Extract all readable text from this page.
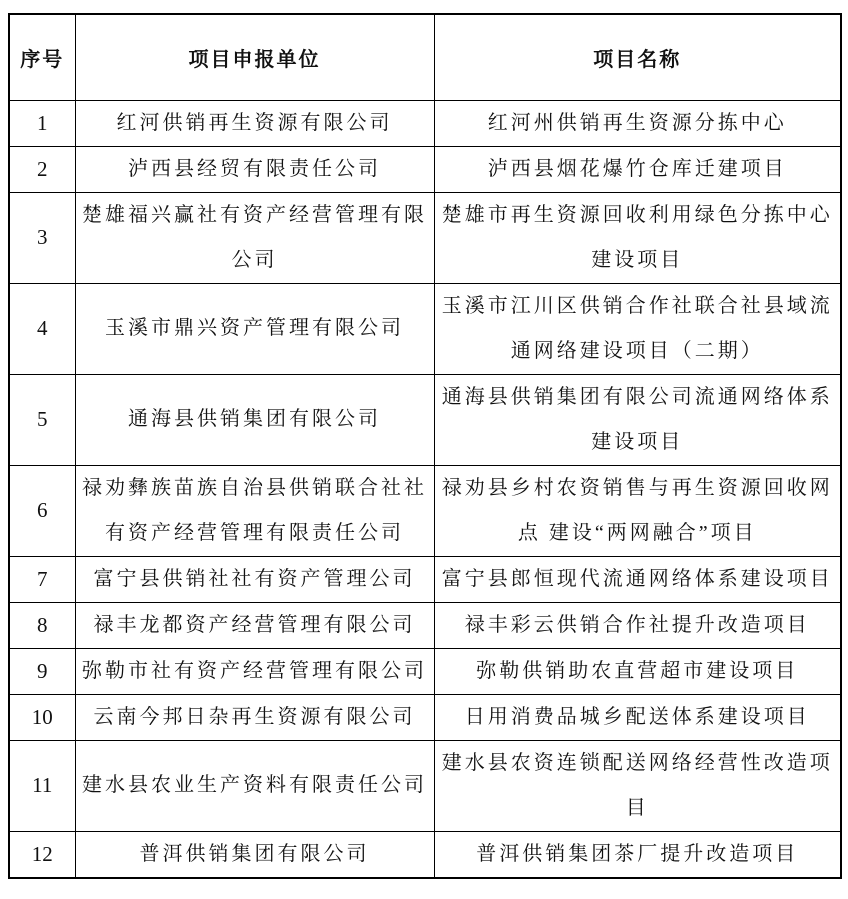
序号	项目申报单位	项目名称
1	红河供销再生资源有限公司	红河州供销再生资源分拣中心
2	泸西县经贸有限责任公司	泸西县烟花爆竹仓库迁建项目
3	楚雄福兴赢社有资产经营管理有限公司	楚雄市再生资源回收利用绿色分拣中心建设项目
4	玉溪市鼎兴资产管理有限公司	玉溪市江川区供销合作社联合社县域流通网络建设项目（二期）
5	通海县供销集团有限公司	通海县供销集团有限公司流通网络体系建设项目
6	禄劝彝族苗族自治县供销联合社社有资产经营管理有限责任公司	禄劝县乡村农资销售与再生资源回收网点 建设“两网融合”项目
7	富宁县供销社社有资产管理公司	富宁县郎恒现代流通网络体系建设项目
8	禄丰龙都资产经营管理有限公司	禄丰彩云供销合作社提升改造项目
9	弥勒市社有资产经营管理有限公司	弥勒供销助农直营超市建设项目
10	云南今邦日杂再生资源有限公司	日用消费品城乡配送体系建设项目
11	建水县农业生产资料有限责任公司	建水县农资连锁配送网络经营性改造项目
12	普洱供销集团有限公司	普洱供销集团茶厂提升改造项目
